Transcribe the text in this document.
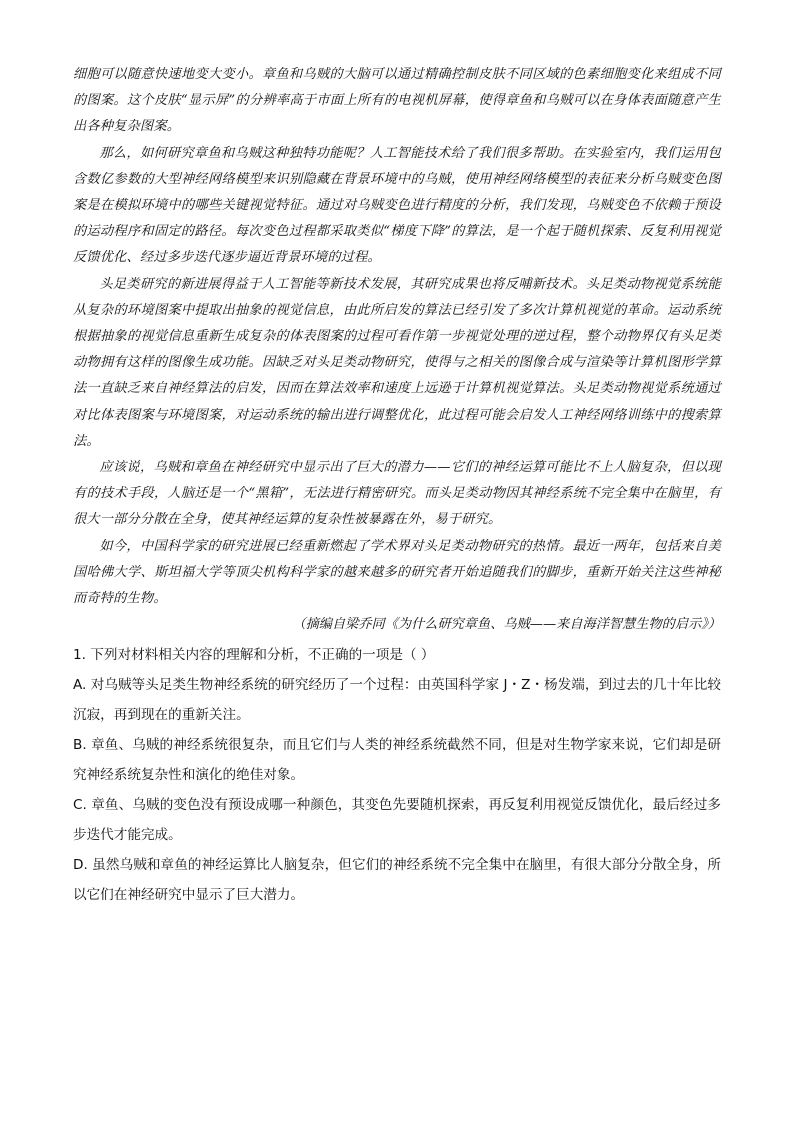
细胞可以随意快速地变大变小。章鱼和乌贼的大脑可以通过精确控制皮肤不同区域的色素细胞变化来组成不同的图案。这个皮肤“显示屏”的分辨率高于市面上所有的电视机屏幕，使得章鱼和乌贼可以在身体表面随意产生出各种复杂图案。

那么，如何研究章鱼和乌贼这种独特功能呢？人工智能技术给了我们很多帮助。在实验室内，我们运用包含数亿参数的大型神经网络模型来识别隐藏在背景环境中的乌贼，使用神经网络模型的表征来分析乌贼变色图案是在模拟环境中的哪些关键视觉特征。通过对乌贼变色进行精度的分析，我们发现，乌贼变色不依赖于预设的运动程序和固定的路径。每次变色过程都采取类似“梯度下降”的算法，是一个起于随机探索、反复利用视觉反馈优化、经过多步迭代逐步逼近背景环境的过程。

头足类研究的新进展得益于人工智能等新技术发展，其研究成果也将反哺新技术。头足类动物视觉系统能从复杂的环境图案中提取出抽象的视觉信息，由此所启发的算法已经引发了多次计算机视觉的革命。运动系统根据抽象的视觉信息重新生成复杂的体表图案的过程可看作第一步视觉处理的逆过程，整个动物界仅有头足类动物拥有这样的图像生成功能。因缺乏对头足类动物研究，使得与之相关的图像合成与渲染等计算机图形学算法一直缺乏来自神经算法的启发，因而在算法效率和速度上远逊于计算机视觉算法。头足类动物视觉系统通过对比体表图案与环境图案，对运动系统的输出进行调整优化，此过程可能会启发人工神经网络训练中的搜索算法。

应该说，乌贼和章鱼在神经研究中显示出了巨大的潜力——它们的神经运算可能比不上人脑复杂，但以现有的技术手段，人脑还是一个“黑箱”，无法进行精密研究。而头足类动物因其神经系统不完全集中在脑里，有很大一部分分散在全身，使其神经运算的复杂性被暴露在外，易于研究。

如今，中国科学家的研究进展已经重新燃起了学术界对头足类动物研究的热情。最近一两年，包括来自美国哈佛大学、斯坦福大学等顶尖机构科学家的越来越多的研究者开始追随我们的脚步，重新开始关注这些神秘而奇特的生物。

（摘编自梁乔同《为什么研究章鱼、乌贼——来自海洋智慧生物的启示》）

1. 下列对材料相关内容的理解和分析，不正确的一项是（ ）

A. 对乌贼等头足类生物神经系统的研究经历了一个过程：由英国科学家 J・Z・杨发端，到过去的几十年比较沉寂，再到现在的重新关注。

B. 章鱼、乌贼的神经系统很复杂，而且它们与人类的神经系统截然不同，但是对生物学家来说，它们却是研究神经系统复杂性和演化的绝佳对象。

C. 章鱼、乌贼的变色没有预设成哪一种颜色，其变色先要随机探索，再反复利用视觉反馈优化，最后经过多步迭代才能完成。

D. 虽然乌贼和章鱼的神经运算比人脑复杂，但它们的神经系统不完全集中在脑里，有很大部分分散全身，所以它们在神经研究中显示了巨大潜力。
